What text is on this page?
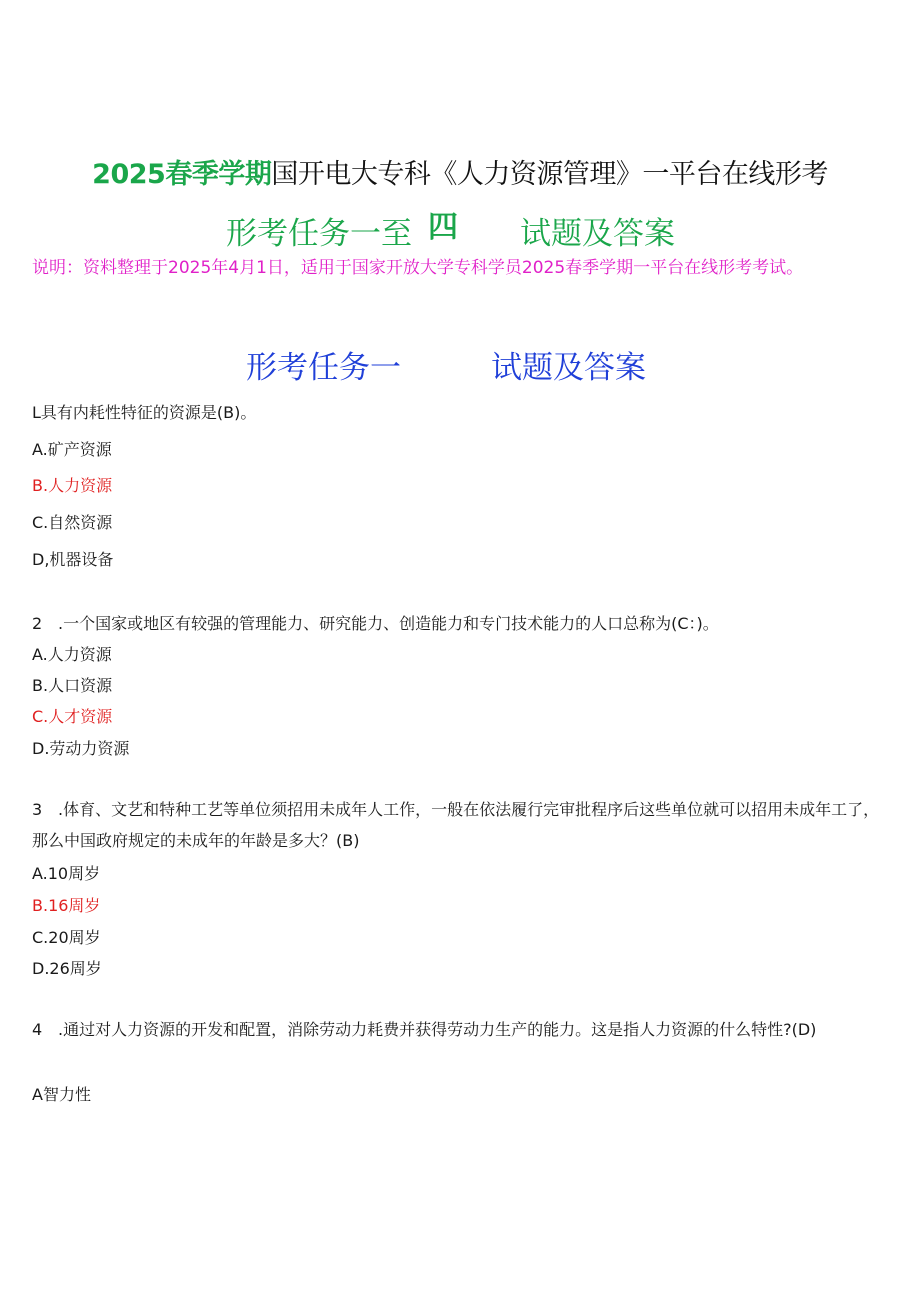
2025春季学期国开电大专科《人力资源管理》一平台在线形考
形考任务一至 四 试题及答案
说明：资料整理于2025年4月1日，适用于国家开放大学专科学员2025春季学期一平台在线形考考试。
形考任务一	试题及答案
L具有内耗性特征的资源是(B)。
A.矿产资源
B.人力资源
C.自然资源
D,机器设备
2 .一个国家或地区有较强的管理能力、研究能力、创造能力和专门技术能力的人口总称为(C：)。
A.人力资源
B.人口资源
C.人才资源
D.劳动力资源
3 .体育、文艺和特种工艺等单位须招用未成年人工作，一般在依法履行完审批程序后这些单位就可以招用未成年工了，那么中国政府规定的未成年的年龄是多大？(B)
A.10周岁
B.16周岁
C.20周岁
D.26周岁
4 .通过对人力资源的开发和配置，消除劳动力耗费并获得劳动力生产的能力。这是指人力资源的什么特性?(D)
A智力性
